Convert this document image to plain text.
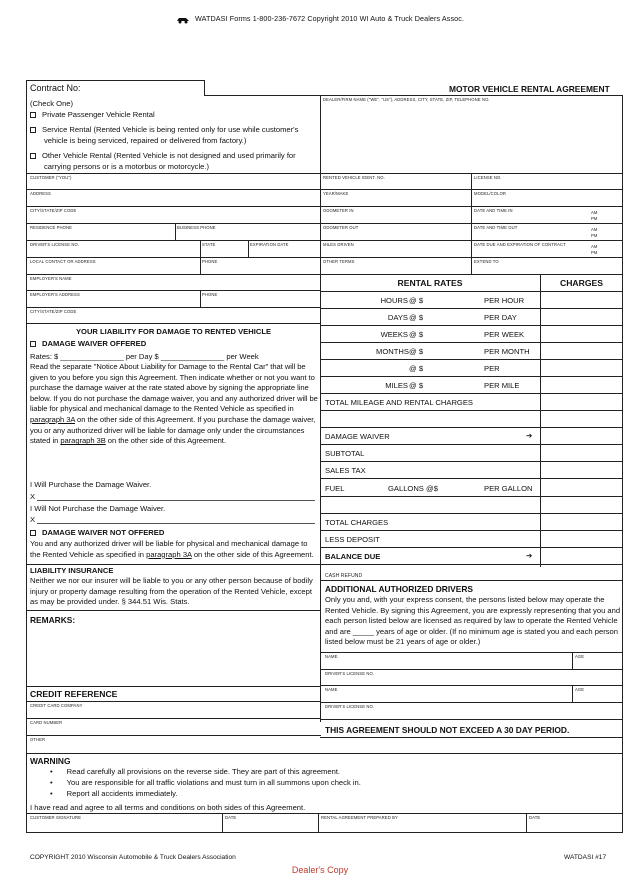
WATDASI Forms 1-800-236-7672 Copyright 2010 WI Auto & Truck Dealers Assoc.
Contract No:	MOTOR VEHICLE RENTAL AGREEMENT
(Check One)
Private Passenger Vehicle Rental
Service Rental (Rented Vehicle is being rented only for use while customer's vehicle is being serviced, repaired or delivered from factory.)
Other Vehicle Rental (Rented Vehicle is not designed and used primarily for carrying persons or is a motorbus or motorcycle.)
CUSTOMER ("YOU")
ADDRESS
CITY/STATE/ZIP CODE
RESIDENCE PHONE	BUSINESS PHONE
DRIVER'S LICENSE NO.	STATE	EXPIRATION DATE
LOCAL CONTACT OR ADDRESS	PHONE
EMPLOYER'S NAME
EMPLOYER'S ADDRESS	PHONE
CITY/STATE/ZIP CODE
DEALER/FIRM NAME ("WE", "US"), ADDRESS, CITY, STATE, ZIP, TELEPHONE NO.
RENTED VEHICLE IDENT. NO.	LICENSE NO.
YEAR/MAKE	MODEL/COLOR
ODOMETER IN	DATE AND TIME IN	AM
PM
ODOMETER OUT	DATE AND TIME OUT	AM
PM
MILES DRIVEN	DATE DUE AND EXPIRATION OF CONTRACT	AM
PM
OTHER TERMS	EXTEND TO
RENTAL RATES	CHARGES
HOURS @ $	PER HOUR
DAYS @ $	PER DAY
WEEKS @ $	PER WEEK
MONTHS @ $	PER MONTH
@ $	PER
MILES @ $	PER MILE
TOTAL MILEAGE AND RENTAL CHARGES
DAMAGE WAIVER	➔
SUBTOTAL
SALES TAX
FUEL	GALLONS @$	PER GALLON
TOTAL CHARGES
LESS DEPOSIT
BALANCE DUE	➔
CASH REFUND
YOUR LIABILITY FOR DAMAGE TO RENTED VEHICLE
DAMAGE WAIVER OFFERED
Rates: $ _______________ per Day $ _______________ per Week
Read the separate "Notice About Liability for Damage to the Rental Car" that will be given to you before you sign this Agreement. Then indicate whether or not you want to purchase the damage waiver at the rate stated above by signing the appropriate line below. If you do not purchase the damage waiver, you and any authorized driver will be liable for physical and mechanical damage to the Rented Vehicle as specified in paragraph 3A on the other side of this Agreement. If you purchase the damage waiver, you or any authorized driver will be liable for damage only under the circumstances stated in paragraph 3B on the other side of this Agreement.
I Will Purchase the Damage Waiver.
X
I Will Not Purchase the Damage Waiver.
X
DAMAGE WAIVER NOT OFFERED
You and any authorized driver will be liable for physical and mechanical damage to the Rented Vehicle as specified in paragraph 3A on the other side of this Agreement.
LIABILITY INSURANCE
Neither we nor our insurer will be liable to you or any other person because of bodily injury or property damage resulting from the operation of the Rented Vehicle, except as may be provided under. § 344.51 Wis. Stats.
REMARKS:
ADDITIONAL AUTHORIZED DRIVERS
Only you and, with your express consent, the persons listed below may operate the Rented Vehicle. By signing this Agreement, you are expressly representing that you and each person listed below are licensed as required by law to operate the Rented Vehicle and are _____ years of age or older. (If no minimum age is stated you and each person listed below must be 21 years of age or older.)
NAME	AGE
DRIVER'S LICENSE NO.
NAME	AGE
DRIVER'S LICENSE NO.
THIS AGREEMENT SHOULD NOT EXCEED A 30 DAY PERIOD.
CREDIT REFERENCE
CREDIT CARD COMPANY
CARD NUMBER
OTHER
WARNING
• Read carefully all provisions on the reverse side. They are part of this agreement.
• You are responsible for all traffic violations and must turn in all summons upon check in.
• Report all accidents immediately.
I have read and agree to all terms and conditions on both sides of this Agreement.
CUSTOMER SIGNATURE	DATE	RENTAL AGREEMENT PREPARED BY	DATE
COPYRIGHT 2010 Wisconsin Automobile & Truck Dealers Association	WATDASI #17
Dealer's Copy
